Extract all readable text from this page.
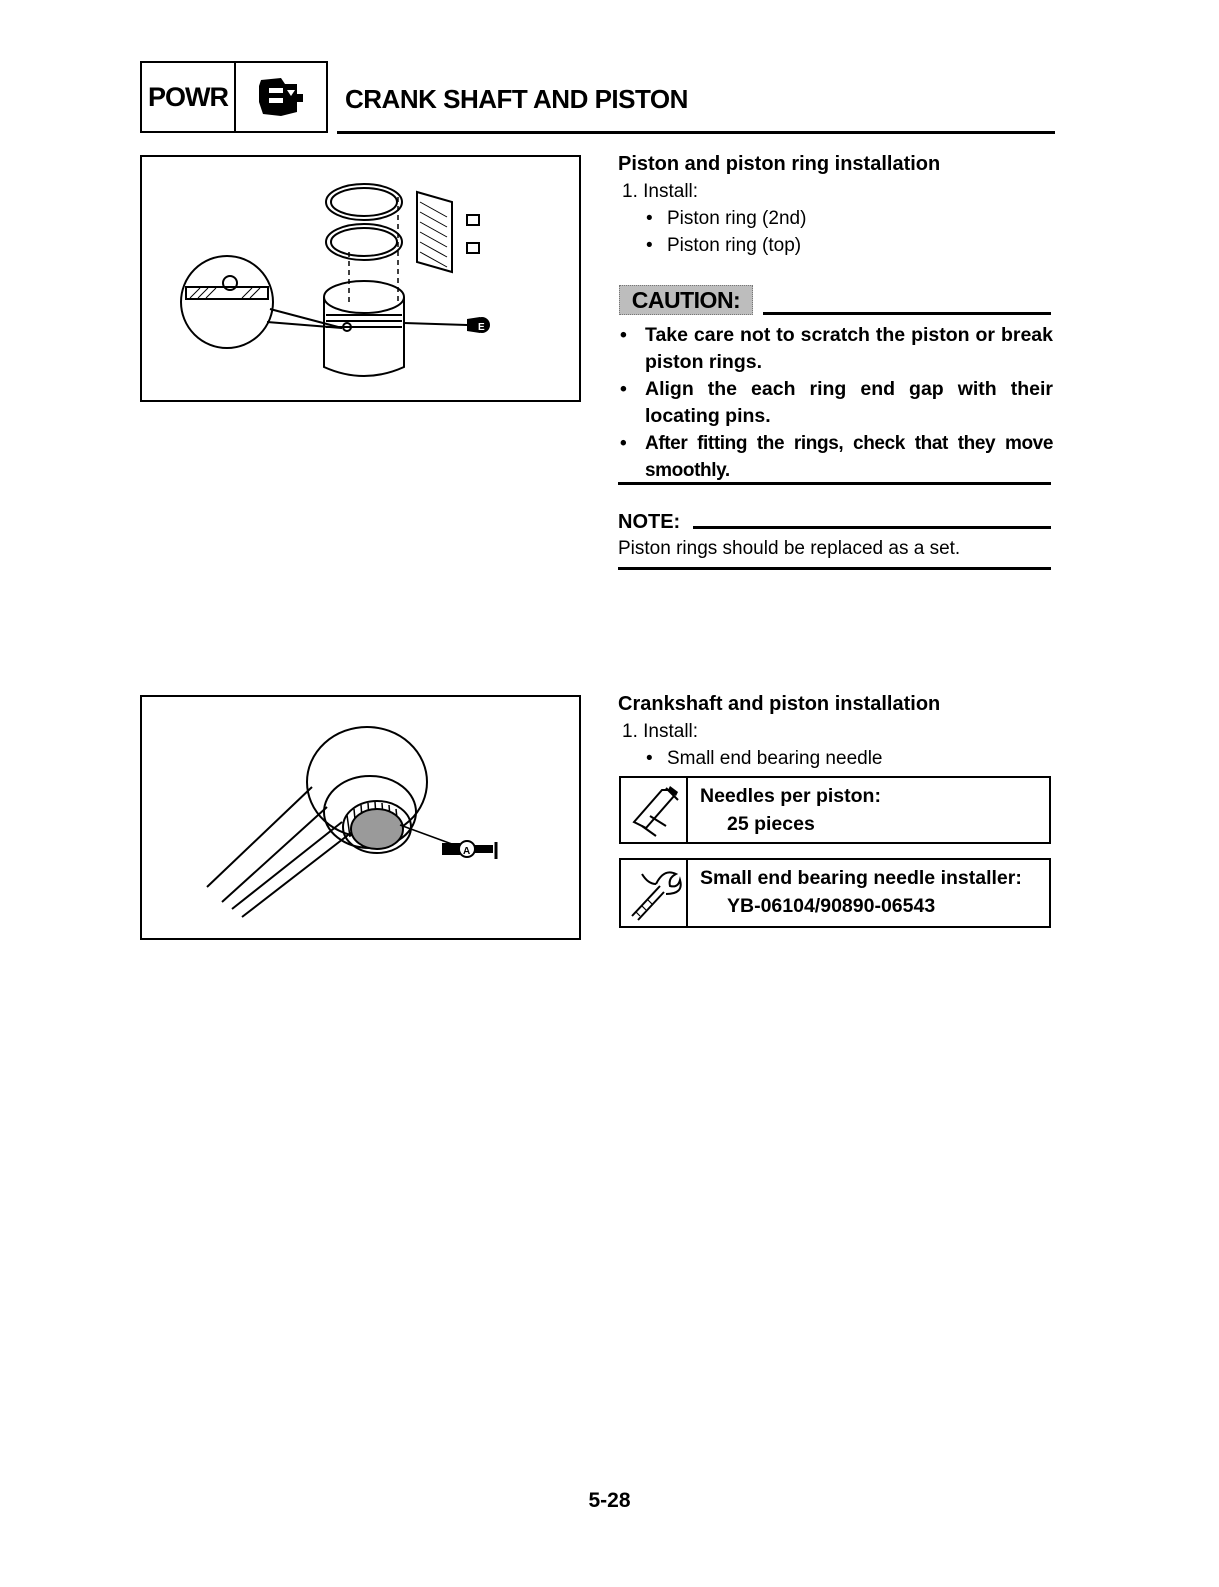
POWR	CRANK SHAFT AND PISTON
E
Piston and piston ring installation
1. Install:
• Piston ring (2nd)
• Piston ring (top)
CAUTION:
• Take care not to scratch the piston or break piston rings.
• Align the each ring end gap with their locating pins.
• After fitting the rings, check that they move smoothly.
NOTE:
Piston rings should be replaced as a set.
A
Crankshaft and piston installation
1. Install:
• Small end bearing needle
Needles per piston:
25 pieces
Small end bearing needle installer:
YB-06104/90890-06543
5-28
